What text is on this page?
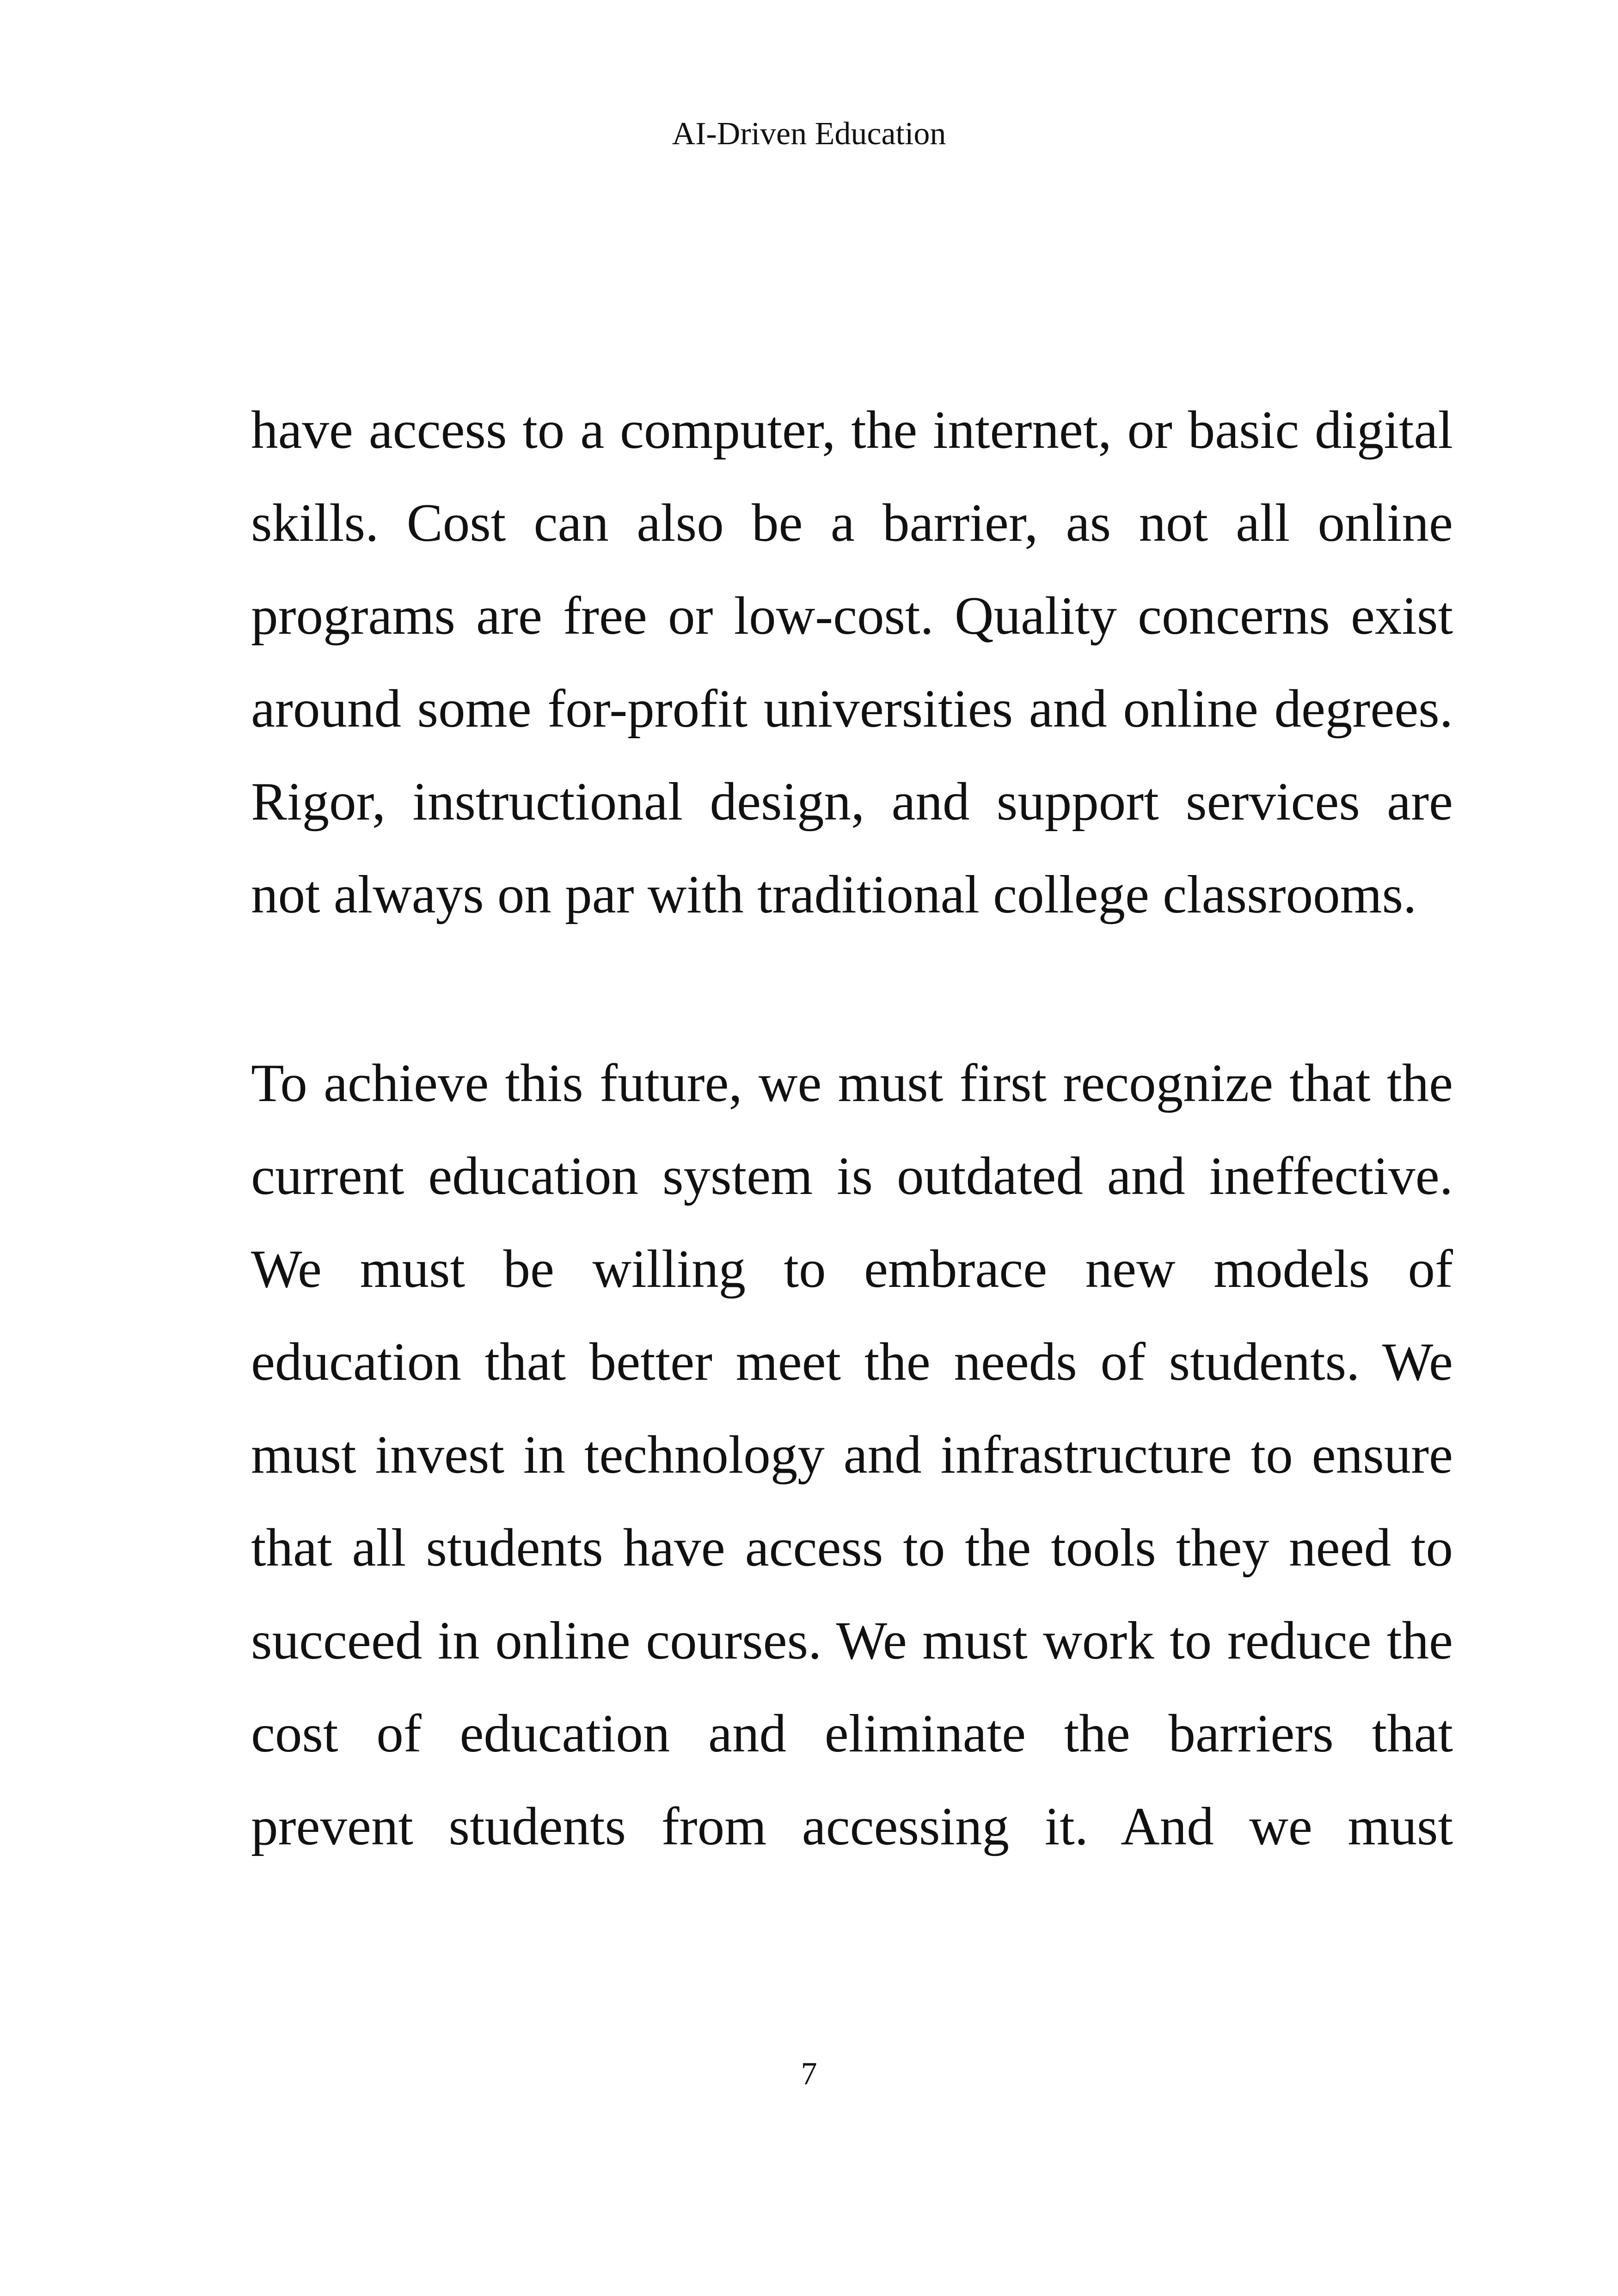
AI-Driven Education
have access to a computer, the internet, or basic digital
skills. Cost can also be a barrier, as not all online
programs are free or low-cost. Quality concerns exist
around some for-profit universities and online degrees.
Rigor, instructional design, and support services are
not always on par with traditional college classrooms.
To achieve this future, we must first recognize that the
current education system is outdated and ineffective.
We must be willing to embrace new models of
education that better meet the needs of students. We
must invest in technology and infrastructure to ensure
that all students have access to the tools they need to
succeed in online courses. We must work to reduce the
cost of education and eliminate the barriers that
prevent students from accessing it. And we must
7
